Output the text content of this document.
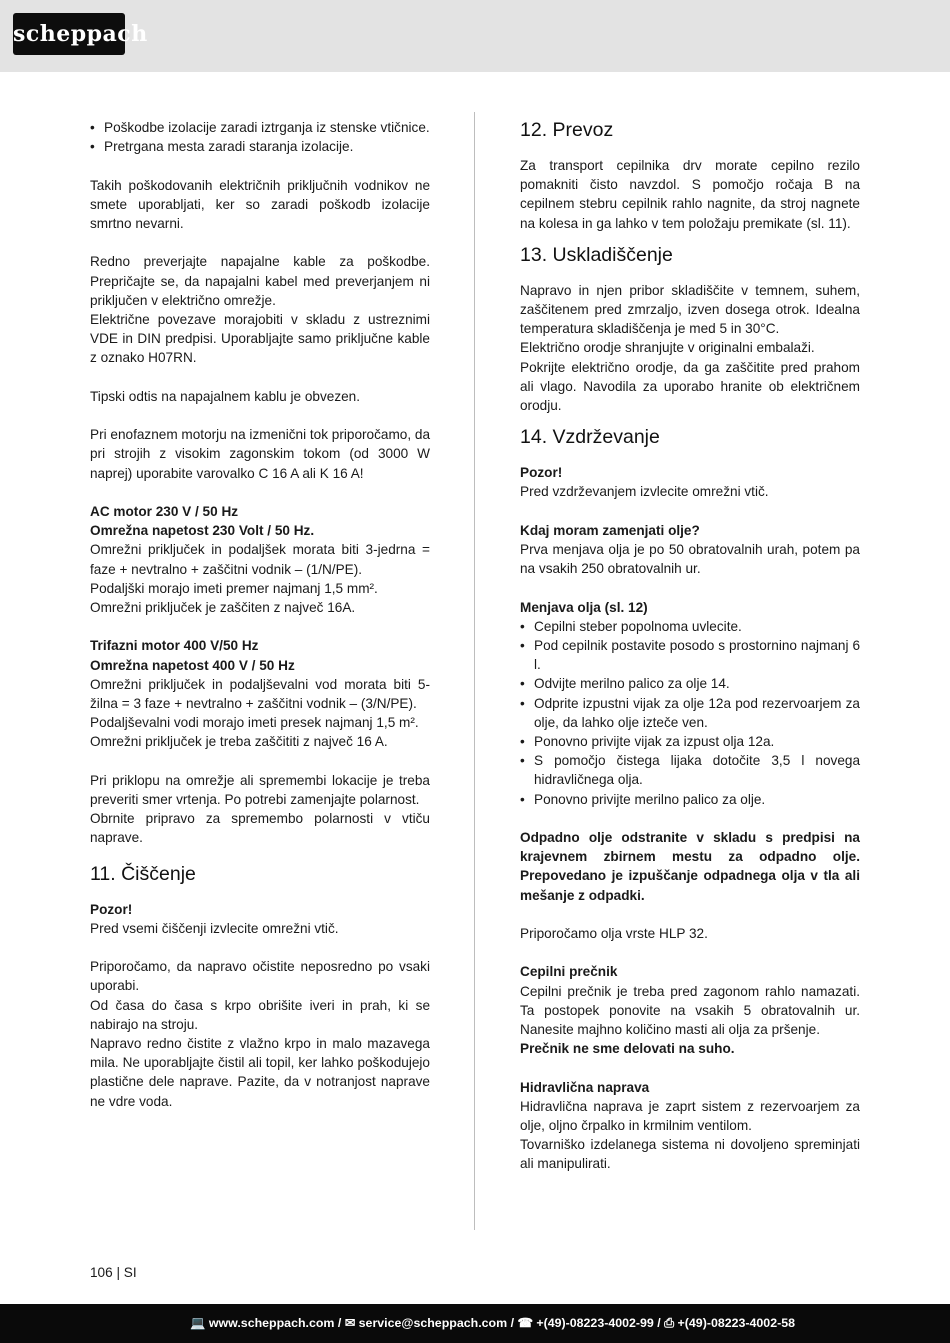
scheppach
• Poškodbe izolacije zaradi iztrganja iz stenske vtičnice.
• Pretrgana mesta zaradi staranja izolacije.

Takih poškodovanih električnih priključnih vodnikov ne smete uporabljati, ker so zaradi poškodb izolacije smrtno nevarni.

Redno preverjajte napajalne kable za poškodbe. Prepričajte se, da napajalni kabel med preverjanjem ni priključen v električno omrežje.

Električne povezave morajobiti v skladu z ustreznimi VDE in DIN predpisi. Uporabljajte samo priključne kable z oznako H07RN.

Tipski odtis na napajalnem kablu je obvezen.

Pri enofaznem motorju na izmenični tok priporočamo, da pri strojih z visokim zagonskim tokom (od 3000 W naprej) uporabite varovalko C 16 A ali K 16 A!

AC motor 230 V / 50 Hz

Omrežna napetost 230 Volt / 50 Hz.

Omrežni priključek in podaljšek morata biti 3-jedrna = faze + nevtralno + zaščitni vodnik – (1/N/PE).

Podaljški morajo imeti premer najmanj 1,5 mm².

Omrežni priključek je zaščiten z največ 16A.

Trifazni motor 400 V/50 Hz

Omrežna napetost 400 V / 50 Hz

Omrežni priključek in podaljševalni vod morata biti 5-žilna = 3 faze + nevtralno + zaščitni vodnik – (3/N/PE).

Podaljševalni vodi morajo imeti presek najmanj 1,5 m².

Omrežni priključek je treba zaščititi z največ 16 A.

Pri priklopu na omrežje ali spremembi lokacije je treba preveriti smer vrtenja. Po potrebi zamenjajte polarnost.

Obrnite pripravo za spremembo polarnosti v vtiču naprave.

11. Čiščenje

Pozor!

Pred vsemi čiščenji izvlecite omrežni vtič.

Priporočamo, da napravo očistite neposredno po vsaki uporabi.

Od časa do časa s krpo obrišite iveri in prah, ki se nabirajo na stroju.

Napravo redno čistite z vlažno krpo in malo mazavega mila. Ne uporabljajte čistil ali topil, ker lahko poškodujejo plastične dele naprave. Pazite, da v notranjost naprave ne vdre voda.

12. Prevoz

Za transport cepilnika drv morate cepilno rezilo pomakniti čisto navzdol. S pomočjo ročaja B na cepilnem stebru cepilnik rahlo nagnite, da stroj nagnete na kolesa in ga lahko v tem položaju premikate (sl. 11).

13. Uskladiščenje

Napravo in njen pribor skladiščite v temnem, suhem, zaščitenem pred zmrzaljo, izven dosega otrok. Idealna temperatura skladiščenja je med 5 in 30°C.

Električno orodje shranjujte v originalni embalaži.

Pokrijte električno orodje, da ga zaščitite pred prahom ali vlago. Navodila za uporabo hranite ob električnem orodju.

14. Vzdrževanje

Pozor!

Pred vzdrževanjem izvlecite omrežni vtič.

Kdaj moram zamenjati olje?

Prva menjava olja je po 50 obratovalnih urah, potem pa na vsakih 250 obratovalnih ur.

Menjava olja (sl. 12)

• Cepilni steber popolnoma uvlecite.
• Pod cepilnik postavite posodo s prostornino najmanj 6 l.
• Odvijte merilno palico za olje 14.
• Odprite izpustni vijak za olje 12a pod rezervoarjem za olje, da lahko olje izteče ven.
• Ponovno privijte vijak za izpust olja 12a.
• S pomočjo čistega lijaka dotočite 3,5 l novega hidravličnega olja.
• Ponovno privijte merilno palico za olje.

Odpadno olje odstranite v skladu s predpisi na krajevnem zbirnem mestu za odpadno olje. Prepovedano je izpuščanje odpadnega olja v tla ali mešanje z odpadki.

Priporočamo olja vrste HLP 32.

Cepilni prečnik

Cepilni prečnik je treba pred zagonom rahlo namazati. Ta postopek ponovite na vsakih 5 obratovalnih ur. Nanesite majhno količino masti ali olja za pršenje.

Prečnik ne sme delovati na suho.

Hidravlična naprava

Hidravlična naprava je zaprt sistem z rezervoarjem za olje, oljno črpalko in krmilnim ventilom.

Tovarniško izdelanega sistema ni dovoljeno spreminjati ali manipulirati.

106 | SI
💻 www.scheppach.com / ✉ service@scheppach.com / ☎ +(49)-08223-4002-99 / ⎙ +(49)-08223-4002-58
